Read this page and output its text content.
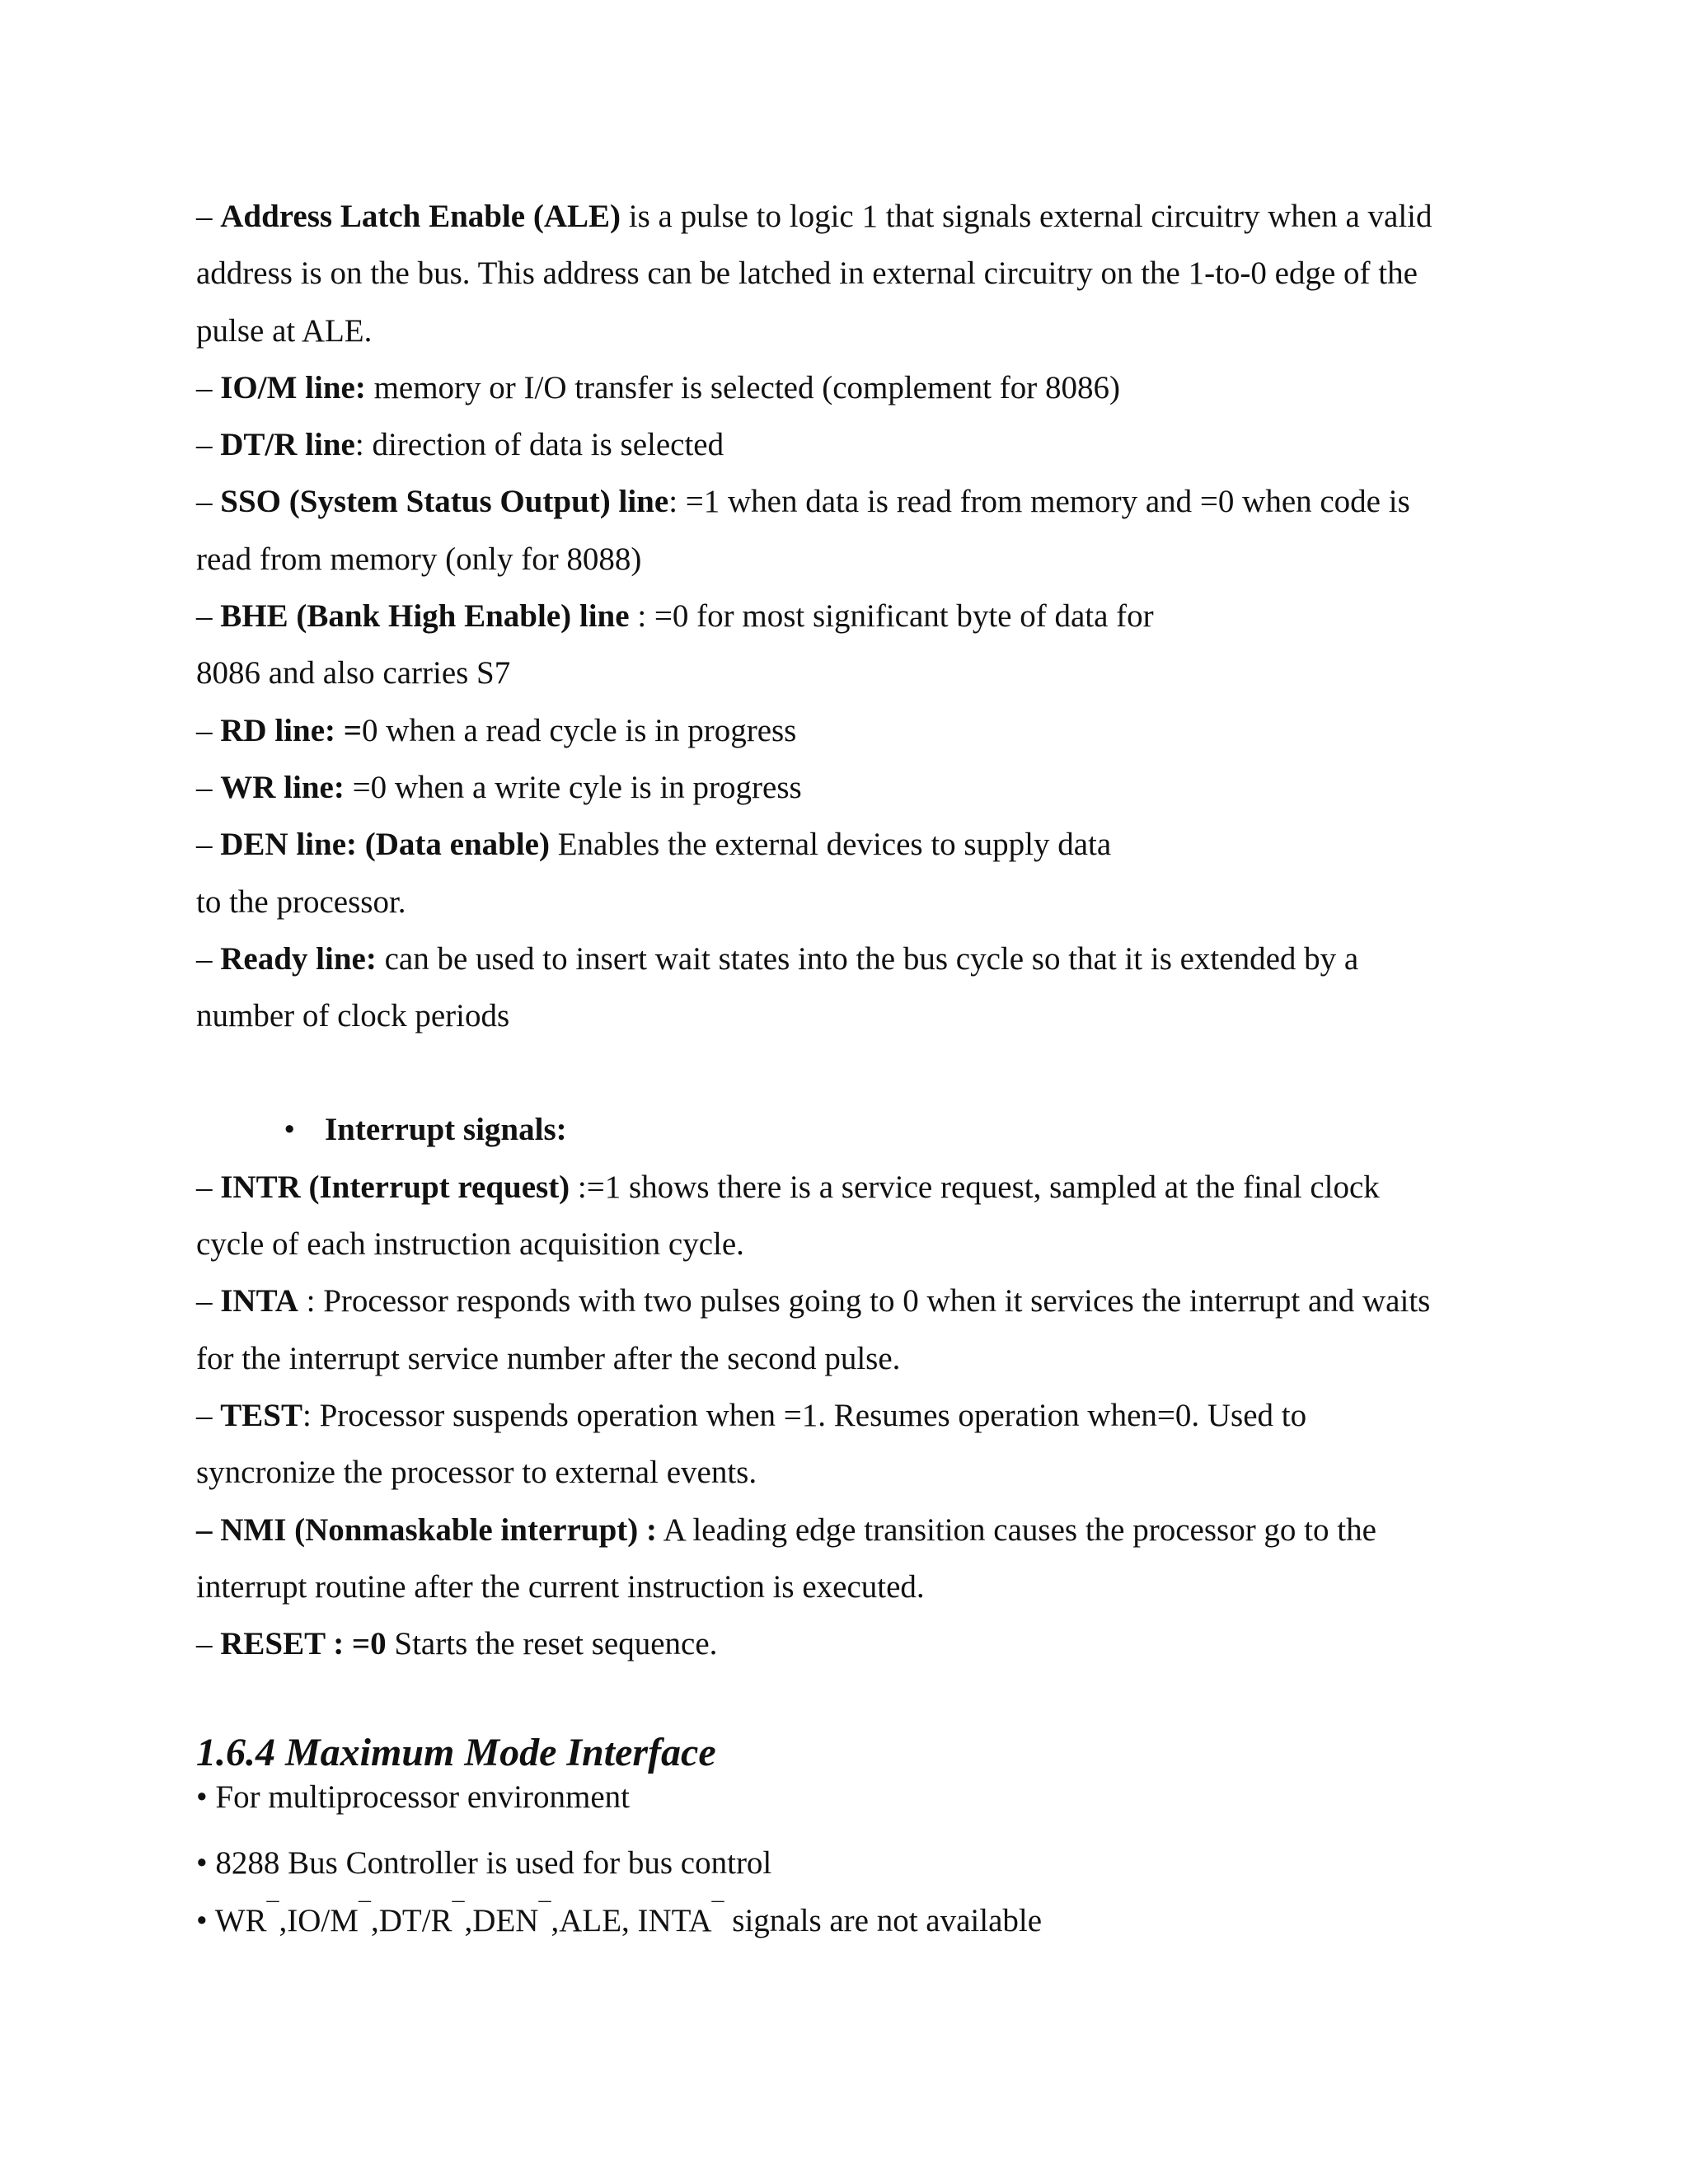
– Address Latch Enable (ALE) is a pulse to logic 1 that signals external circuitry when a valid
address is on the bus. This address can be latched in external circuitry on the 1-to-0 edge of the
pulse at ALE.
– IO/M line: memory or I/O transfer is selected (complement for 8086)
– DT/R line: direction of data is selected
– SSO (System Status Output) line: =1 when data is read from memory and =0 when code is
read from memory (only for 8088)
– BHE (Bank High Enable) line : =0 for most significant byte of data for
8086 and also carries S7
– RD line: =0 when a read cycle is in progress
– WR line: =0 when a write cyle is in progress
– DEN line: (Data enable) Enables the external devices to supply data
to the processor.
– Ready line: can be used to insert wait states into the bus cycle so that it is extended by a
number of clock periods
• Interrupt signals:
– INTR (Interrupt request) :=1 shows there is a service request, sampled at the final clock
cycle of each instruction acquisition cycle.
– INTA : Processor responds with two pulses going to 0 when it services the interrupt and waits
for the interrupt service number after the second pulse.
– TEST: Processor suspends operation when =1. Resumes operation when=0. Used to
syncronize the processor to external events.
– NMI (Nonmaskable interrupt) : A leading edge transition causes the processor go to the
interrupt routine after the current instruction is executed.
– RESET : =0 Starts the reset sequence.
1.6.4 Maximum Mode Interface
• For multiprocessor environment
• 8288 Bus Controller is used for bus control
• WR¯,IO/M¯,DT/R¯,DEN¯,ALE, INTA¯ signals are not available
